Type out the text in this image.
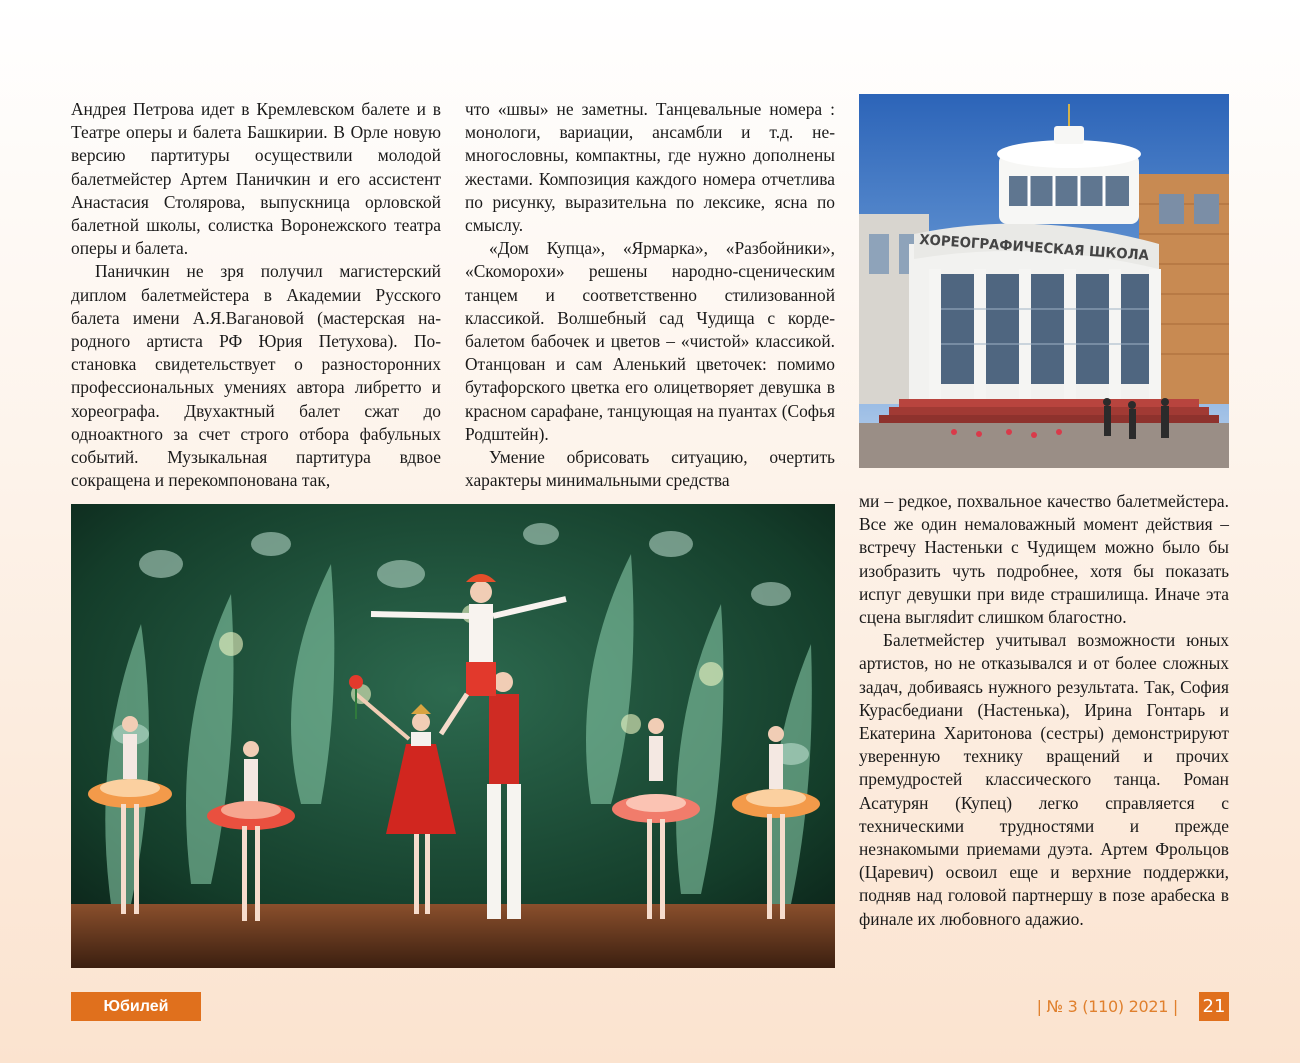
Андрея Петрова идет в Кремлевском балете и в Театре оперы и балета Башкирии. В Орле новую версию партитуры осуществили молодой балетмейстер Артем Паничкин и его ассистент Анастасия Столярова, выпускница орловской балетной школы, солистка Воронежского театра оперы и балета.

Паничкин не зря получил магистерский диплом балетмейстера в Академии Русского балета имени А.Я.Вагановой (мастерская народного артиста РФ Юрия Петухова). Постановка свидетельствует о разносторонних профессиональных умениях автора либретто и хореографа. Двухактный балет сжат до одноактного за счет строго отбора фабульных событий. Музыкальная партитура вдвое сокращена и перекомпонована так,

что «швы» не заметны. Танцевальные номера : монологи, вариации, ансамбли и т.д. немногословны, компактны, где нужно дополнены жестами. Композиция каждого номера отчетлива по рисунку, выразительна по лексике, ясна по смыслу.

«Дом Купца», «Ярмарка», «Разбойники», «Скоморохи» решены народно-сценическим танцем и соответственно стилизованной классикой. Волшебный сад Чудища с кордебалетом бабочек и цветов – «чистой» классикой. Отанцован и сам Аленький цветочек: помимо бутафорского цветка его олицетворяет девушка в красном сарафане, танцующая на пуантах (Софья Родштейн).

Умение обрисовать ситуацию, очертить характеры минимальными средства

ХОРЕОГРАФИЧЕСКАЯ ШКОЛА

ми – редкое, похвальное качество балетмейстера. Все же один немаловажный момент действия – встречу Настеньки с Чудищем можно было бы изобразить чуть подробнее, хотя бы показать испуг девушки при виде страшилища. Иначе эта сцена выгляdит слишком благостно.

Балетмейстер учитывал возможности юных артистов, но не отказывался и от более сложных задач, добиваясь нужного результата. Так, София Курасбедиани (Настенька), Ирина Гонтарь и Екатерина Харитонова (сестры) демонстрируют уверенную технику вращений и прочих премудростей классического танца. Роман Асатурян (Купец) легко справляется с техническими трудностями и прежде незнакомыми приемами дуэта. Артем Фрольцов (Царевич) освоил еще и верхние поддержки, подняв над головой партнершу в позе арабеска в финале их любовного адажио.

Юбилей	| № 3 (110) 2021 | 21
